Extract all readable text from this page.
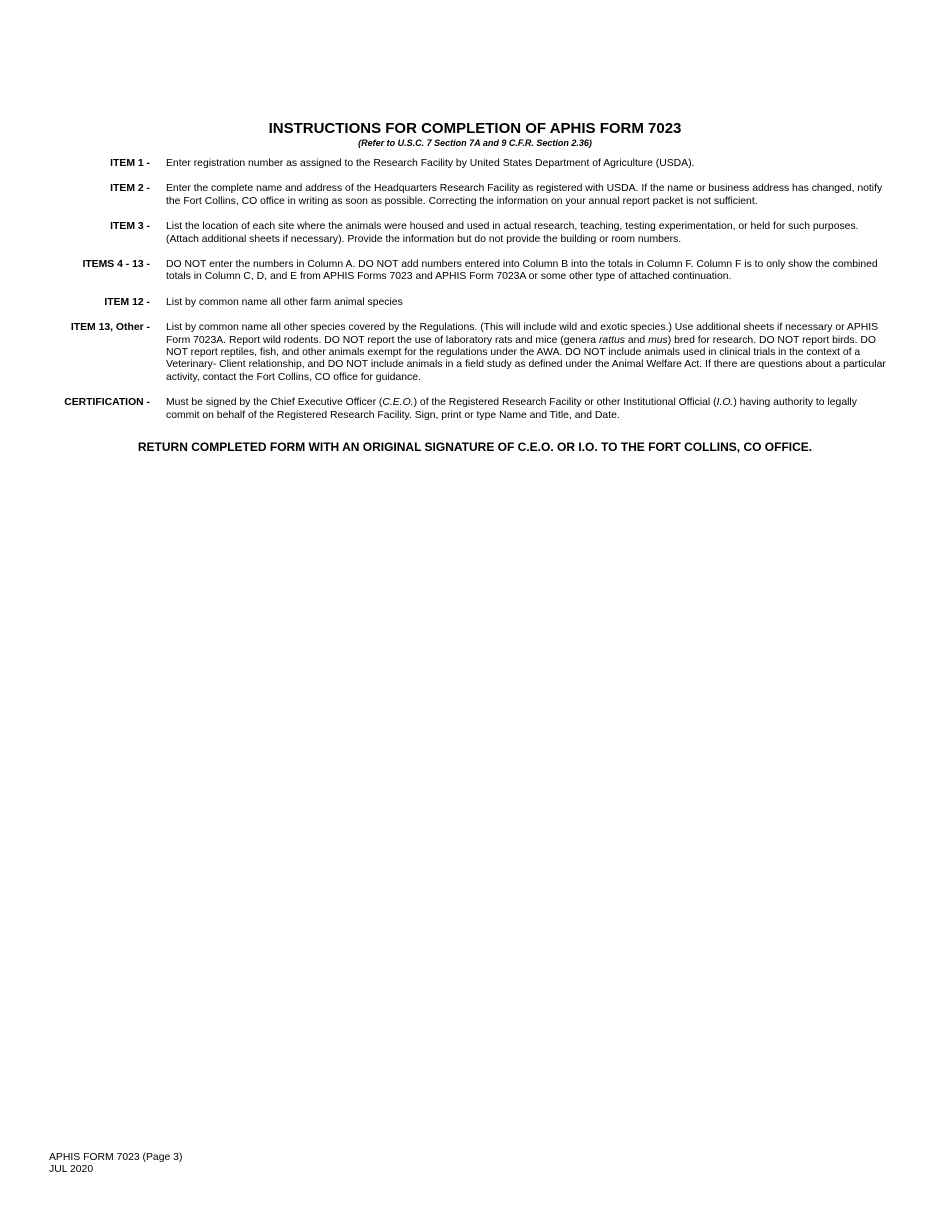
INSTRUCTIONS FOR COMPLETION OF APHIS FORM 7023
(Refer to U.S.C. 7 Section 7A and 9 C.F.R. Section 2.36)
ITEM 1 -	Enter registration number as assigned to the Research Facility by United States Department of Agriculture (USDA).
ITEM 2 -	Enter the complete name and address of the Headquarters Research Facility as registered with USDA. If the name or business address has changed, notify the Fort Collins, CO office in writing as soon as possible. Correcting the information on your annual report packet is not sufficient.
ITEM 3 -	List the location of each site where the animals were housed and used in actual research, teaching, testing experimentation, or held for such purposes. (Attach additional sheets if necessary). Provide the information but do not provide the building or room numbers.
ITEMS 4 - 13 -	DO NOT enter the numbers in Column A. DO NOT add numbers entered into Column B into the totals in Column F. Column F is to only show the combined totals in Column C, D, and E from APHIS Forms 7023 and APHIS Form 7023A or some other type of attached continuation.
ITEM 12 -	List by common name all other farm animal species
ITEM 13, Other -	List by common name all other species covered by the Regulations. (This will include wild and exotic species.) Use additional sheets if necessary or APHIS Form 7023A. Report wild rodents. DO NOT report the use of laboratory rats and mice (genera rattus and mus) bred for research. DO NOT report birds. DO NOT report reptiles, fish, and other animals exempt for the regulations under the AWA. DO NOT include animals used in clinical trials in the context of a Veterinary- Client relationship, and DO NOT include animals in a field study as defined under the Animal Welfare Act. If there are questions about a particular activity, contact the Fort Collins, CO office for guidance.
CERTIFICATION -	Must be signed by the Chief Executive Officer (C.E.O.) of the Registered Research Facility or other Institutional Official (I.O.) having authority to legally commit on behalf of the Registered Research Facility. Sign, print or type Name and Title, and Date.
RETURN COMPLETED FORM WITH AN ORIGINAL SIGNATURE OF C.E.O. OR I.O. TO THE FORT COLLINS, CO OFFICE.
APHIS FORM 7023 (Page 3)
JUL 2020
